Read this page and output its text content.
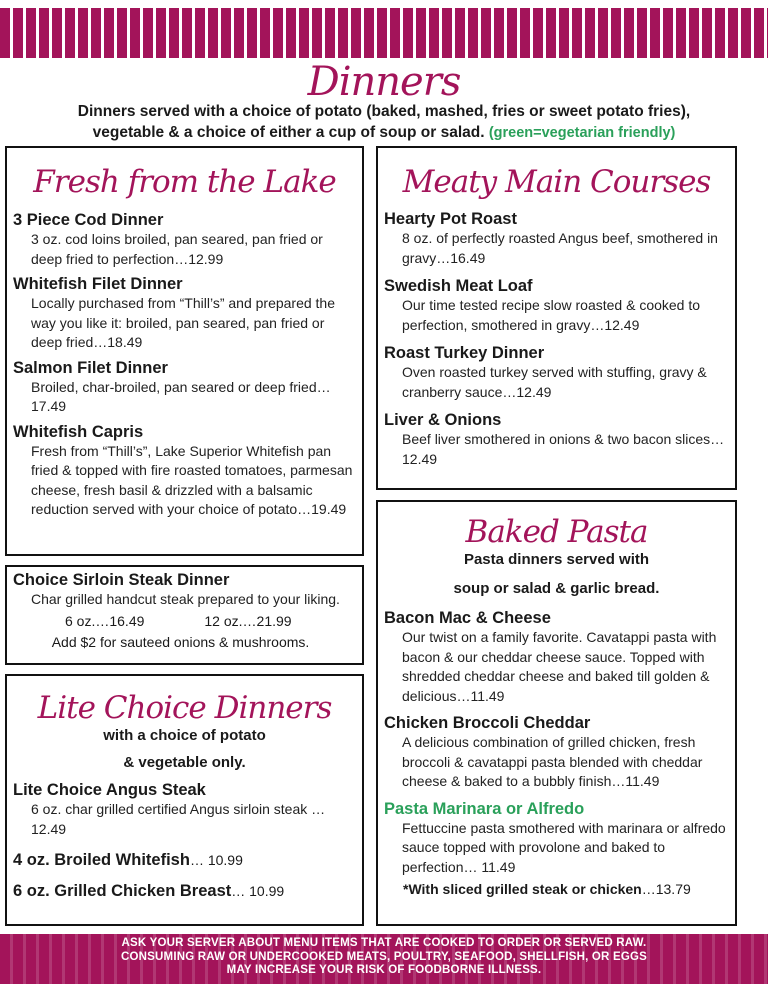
Dinners
Dinners served with a choice of potato (baked, mashed, fries or sweet potato fries),
vegetable & a choice of either a cup of soup or salad. (green=vegetarian friendly)
Fresh from the Lake
3 Piece Cod Dinner
3 oz. cod loins broiled, pan seared, pan fried or deep fried to perfection…12.99
Whitefish Filet Dinner
Locally purchased from “Thill’s” and prepared the way you like it: broiled, pan seared, pan fried or deep fried…18.49
Salmon Filet Dinner
Broiled, char-broiled, pan seared or deep fried…17.49
Whitefish Capris
Fresh from “Thill’s”, Lake Superior Whitefish pan fried & topped with fire roasted tomatoes, parmesan cheese, fresh basil & drizzled with a balsamic reduction served with your choice of potato…19.49
Meaty Main Courses
Hearty Pot Roast
8 oz. of perfectly roasted Angus beef, smothered in gravy…16.49
Swedish Meat Loaf
Our time tested recipe slow roasted & cooked to perfection, smothered in gravy…12.49
Roast Turkey Dinner
Oven roasted turkey served with stuffing, gravy & cranberry sauce…12.49
Liver & Onions
Beef liver smothered in onions & two bacon slices…12.49
Choice Sirloin Steak Dinner
Char grilled handcut steak prepared to your liking.
6 oz.…16.49	12 oz.…21.99
Add $2 for sauteed onions & mushrooms.
Lite Choice Dinners
with a choice of potato
& vegetable only.
Lite Choice Angus Steak
6 oz. char grilled certified Angus sirloin steak …12.49
4 oz. Broiled Whitefish… 10.99
6 oz. Grilled Chicken Breast… 10.99
Baked Pasta
Pasta dinners served with
soup or salad & garlic bread.
Bacon Mac & Cheese
Our twist on a family favorite. Cavatappi pasta with bacon & our cheddar cheese sauce. Topped with shredded cheddar cheese and baked till golden & delicious…11.49
Chicken Broccoli Cheddar
A delicious combination of grilled chicken, fresh broccoli & cavatappi pasta blended with cheddar cheese & baked to a bubbly finish…11.49
Pasta Marinara or Alfredo
Fettuccine pasta smothered with marinara or alfredo sauce topped with provolone and baked to perfection… 11.49
*With sliced grilled steak or chicken…13.79
ASK YOUR SERVER ABOUT MENU ITEMS THAT ARE COOKED TO ORDER OR SERVED RAW.
CONSUMING RAW OR UNDERCOOKED MEATS, POULTRY, SEAFOOD, SHELLFISH, OR EGGS
MAY INCREASE YOUR RISK OF FOODBORNE ILLNESS.
